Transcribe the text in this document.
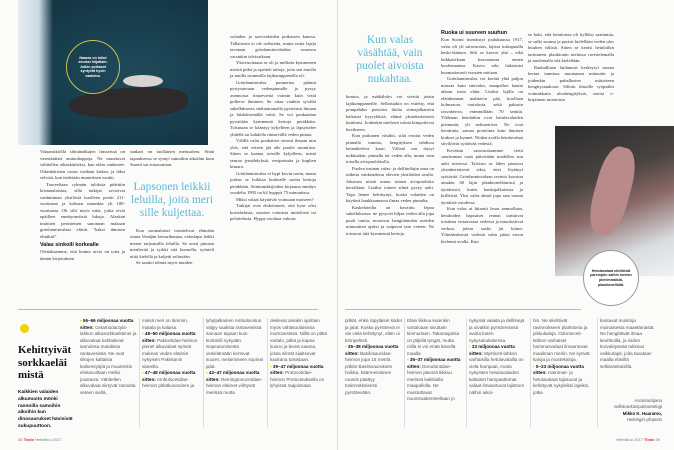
Naaras on tullut emoksi hiljattain. Jotkin poikaset syntyvät hyvin vaaleina.

Valaansikiöllä silmänalkujen linsseissä on vasenkätisiä aminohappoja. Ne muuttuvat vähitellen oikeakätisiksi, kun eläin vanhenee. Oikeakätisten osuus voidaan laskea, ja iäksi selviää, kun tiedetään muutoksen vauhti.

Tuoreeltaan ryhmän tuloksia pidettiin kiistanalaisina, sillä tutkijat arvioivat vanhimman yksilöstä kuolleen peräti 211-vuotiaana ja kolmen muunkin yli 100-vuotiaana. Oli silti myös niitä, jotka eivät epäilleet ennätysmäisiä lukuja. Alaskan inuittien perinteisen sanonnan mukaan grönlanninvalaat elävät "kaksi ihmisen elinikää".

Valas sinkoili korkealle

Olettakaamme, että huima arvio on totta ja tämän kirjoituksen

sankari on tuollainen metusalem. Siinä tapauksessa se syntyi samoihin aikoihin kuin Suomi sai autonomian.

Lapsonen leikkii leluilla, joita meri sille kuljettaa.

Kun suomalaiset totuttelivat elämään osana Venäjän keisarikuntaa, valaslapsi leikki meren tarjoamilla leluilla. Se nosti pintaan merilevää ja tyrkki sitä kuonolla, työnteli niitä kielellä ja kuljetti selässään.

Se saattoi telmiä myös muiden

valaiden ja sarvivalaiden poikasten kanssa. Tällaisesta ei ole todisteita, mutta noita lajeja tavataan grönlanninvalaiden seurassa varsinkin talvisaikaan.

Yksivuotiaana se oli jo melkein kymmenen metriä pitkä ja opetteli taitoja, joita sen emolla ja muilla isommilla lajikumppaneilla oli.

Grönlanninvalas punnertaa päänsä pystysuoraan vedenpinnalle ja pysyy asennossa rintaevienä voimin kuin vettä polkeva ihminen. Se ottaa vauhtia syvältä sukelluksesta sinkauttamalla pyrstönsä ilmaan ja läiskäisemällä vettä. Se voi paukauttaa pyrstöään kymmeniä kertoja peräkkäin. Toisinaan se kääntyy kyljelleen ja läpsyttelee yhdellä tai kahdella rintaevällä veden pintaa.

Välillä valas ponkaisee vinosti ilmaan niin ylös, että veteen jää alle puolet ruumiista. Sitten se kaatuu toiselle kyljelleen, mistä seuraa jymähdyksiä, vesipatsaita ja kuplien kimara.

Grönlanninvalas ei hypi kovin usein, mutta joskus se loikkaa korkealle useita kertoja peräkkäin. Siiminmäkijöiden kirjaama ennätys vuodelta 1995 on 64 hyppyä 75 minuutissa.

Miksi valaat käyttävät voimiaan moiseen?

Tutkijat ovat ehdottaneet, että kyse olisi kosiskelusta, urosten voimista mittelöstä tai pelottelusta. Hyppy osoittaa vahvaa

Kun valas väsähtää, vain puolet aivoista nukahtaa.

kuntoa, ja mätkähdys voi viestiä jotain lajikumppaneille. Sellaistakin on esitetty, että pompahdus poistaisi iholta siimajalkaisten kaltaisia hyyryläisiä, elämä yksinkertaisesti kutittaisi. Joidenkin mielestä valaat kimpoilevat huvikseen.

Kun poikanen väsähti, siitä erottui veden pinnalla tumma, hengityksen tahdissa keinahteleva kaari. Välistä sen täytyi nukkuakin, pinnalla tai veden alla, mutta vain toisella aivopuoliskolla.

Puolen tusinan valas- ja delfiinilajin unta on tutkittu vankeudessa elävien yksilöiden avulla. Jokaisen niistä uinuu toinen aivopuolisko kerrallaan. Lisäksi toinen silmä pysyy auki. Tapa lienee kehittynyt, koska valaiden on käytävä haukkaamassa ilmaa veden pinnalta.

Kaskeloteilla on havaittu lepoa sukelluksissa: ne pysyvät hiljaa veden alla jopa puoli tuntia, nousevat hengittämään useiden minuuttien ajaksi ja vaipuvat taas veteen. Ne toistavat tätä kymmeniä kertoja.

Ruoka ui suureen suuhun

Kun Suomi itsenäistyi joulukuussa 1917, valas oli yli satavuotias, lajissa mittapuulla keski-ikäinen. Silti se kasvoi yhä – eikä laikkaisikaan kasvamasta ennen kuolemaansa. Kasvu toki hidastuisi huomattavasti vuosien mittaan.

Grönlanninvalas voi kerätä yhtä paljon massaa kuin sinivalas, maapallon kautta aikain isoin eläin. Lisäksi lajilla on eläinkunnan mahtavin pää, koollaan kolmasosa vartalosta, sekä paksuin rasvakerros, enimmillään 70 senttiä. Yläleuan hetulatkin ovat hetulavalaiden pisimmät, yli nelimetriset. Ne ovat keratiinia, samaa proteiinia kuin ihmisen hiukset ja kynnet. Niiden avulla hetulavalaat siivilöivät syötävää vedestä.

Keväisin satavuotiaamme vietti suurimman osan päivistään madellen suu auki meressä. Talvisin se lähes paastosi yksinkertaisesti siksi, ettei löytänyt syötävää. Grönlanninvalaan ravinto koostuu ainakin 60 lajin planktoneläimistä ja äyriäisistä, kuten hankajalkaisista ja krilleistä. Yksi valas ahmii jopa sata tonnia äyriäisiä vuodessa.

Kun valas ui hitaasti leuat ammollaan, hetuloiden hapsuiset reunat tarttuivat toisiinsa virtaavassa vedessä ja muodostivat verkon, johon saalis jäi kiinni. Ylimääräisestä vedestä valas pääsi eroon kielensä avulla. Kun

se koki, että hetuloissa oli kylliksi saattamia, se sulki suunsa ja puristi kielellään veden ulos huulten välistä. Sitten se keräsi hetuloihin tarttuneen planktonin nielussa ravistelemalla ja nuolemalla sitä kielellään.

Rauhallinen laidunnus keskeytyi monta kertaa tunnissa muutaman minuutin ja joidenkin puhallusten mittaiseen hengitystaukoon. Silloin ilmoille ryöpsähti voimakkaita uloshengityksiä, useita v-kirjaimen muotoisia

Hetulavalaat siivilöivät parempiin saihin merten pienimmäisiä, planktoneliöitä.
Kehittyivät sorkkaeläimistä
Kaikkien valaiden alkumuoto mönki rannoilla samoihin aikoihin kun dinosaurukset hävisivät sukupuuttoon.
▪ 56–66 miljoonaa vuotta sitten: Cetartiodactyla-lahkon alkusorkkaeläimet ja alkuvalaat kahlailevat samoissa matalissa rantavesissä. Ne ovat sikojen kaltaisia kaikensyöjiä ja muutenkin elintavoiltaan melko joustavia. Vähitellen alkuvalaat siirtyvät rannalta veteen siellä,
missä meri on lämmin, matala ja kalaisa.
▪ 48–50 miljoonaa vuotta sitten: Pakicetidae-heimon pienet alkuvalaat syövät makean veden eläimiä nykyisen Pakistanin alueella.
▪ 47–48 miljoonaa vuotta sitten: Ambulocetidae-heimon pitkäkuonoinen ja
lyhytjalkainen Ambulocetus väijyy saalista rantavesissä samaan tapaan kuin krokotiili nykyään. Sopeutumisesta vesielämään kertovat suuret, meloimiseen sopivat jalat.
▪ 42–47 miljoonaa vuotta sitten: Remingtonocetidae-heimon eläimet viihtyvät merissä mutta
oleilevat ainakin ajoittain myös vähäsuolaisissa murtovesissä. Niillä on pitkä vartalo, pitkä ja kapea kuono ja leveä naama, jossa silmät sijaitsevat kaukana toisistaan.
▪ 39–47 miljoonaa vuotta sitten: Protocetidae-heimon Protocetuksella on lyhyissä raajoissaan
pitkät, ehkä räpyläiset kädet ja jalat. Koska pyrstöevä ei ole vielä kehittynyt, eläin ui kömpelösti.
▪ 35–38 miljoonaa vuotta sitten: Basilosauridae-heimon jopa 16 metriä pitkän Basilosauruksen hoikka, käärmemäinen ruumis päättyy todennäköisesti pyrstöevään.
Eläin liikkuu kutenkin vartaloaan sivuttain kiemurtaen. Takaraajoista on jäljellä tyngät, mutta niillä ei voi enää kävellä maalla.
▪ 35–37 miljoonaa vuotta sitten: Dorudontidae-heimon jäseniä liikkuu merissä kaikkialla maapallolla. Ne muistuttavat nuumiraakenteeltaan jo
nykyisiä valaita ja delfiinejä ja uivatkin pyrstöevänsä avulla kuten nykysukulaisensa.
▪ 33 miljoonaa vuotta sitten: Mysticeti-lahkon varhaisilla hetulavalailla on vielä hampaat, mutta nykyisten hetulavalaiden kaltaiset hampaattomat valaat ilmaantuvat lajistoon näihin aikoi-
hin. Ne siivilöivät ravinnokseen planktonia ja pikkukaloja. Odontoceti-lahkon varhaiset hammasvalaat ilmaantuvat maailman meriin. Ne syövät kaloja ja mustekaloja.
▪ 5–23 miljoonaa vuotta sitten: Hammas- ja hetulavalaat lajiutuvat ja kehittyvät nykyisiksi lajeiksi, jotka
kantavat muistoja muinaisesta maaelämästä. Ne hengittävät ilmaa keuhkoilla, ja niiden korvaktyävää tukkivat vaikkutapit, joita tavataan maalla elävillä selkärankaisilla.
Asiantuntijana selkärankaispaleontologi
Mikko K. Haaramo,
Helsingin yliopisto
38 Tiede Helmikuu 2017	Helmikuu 2017 Tiede 39
